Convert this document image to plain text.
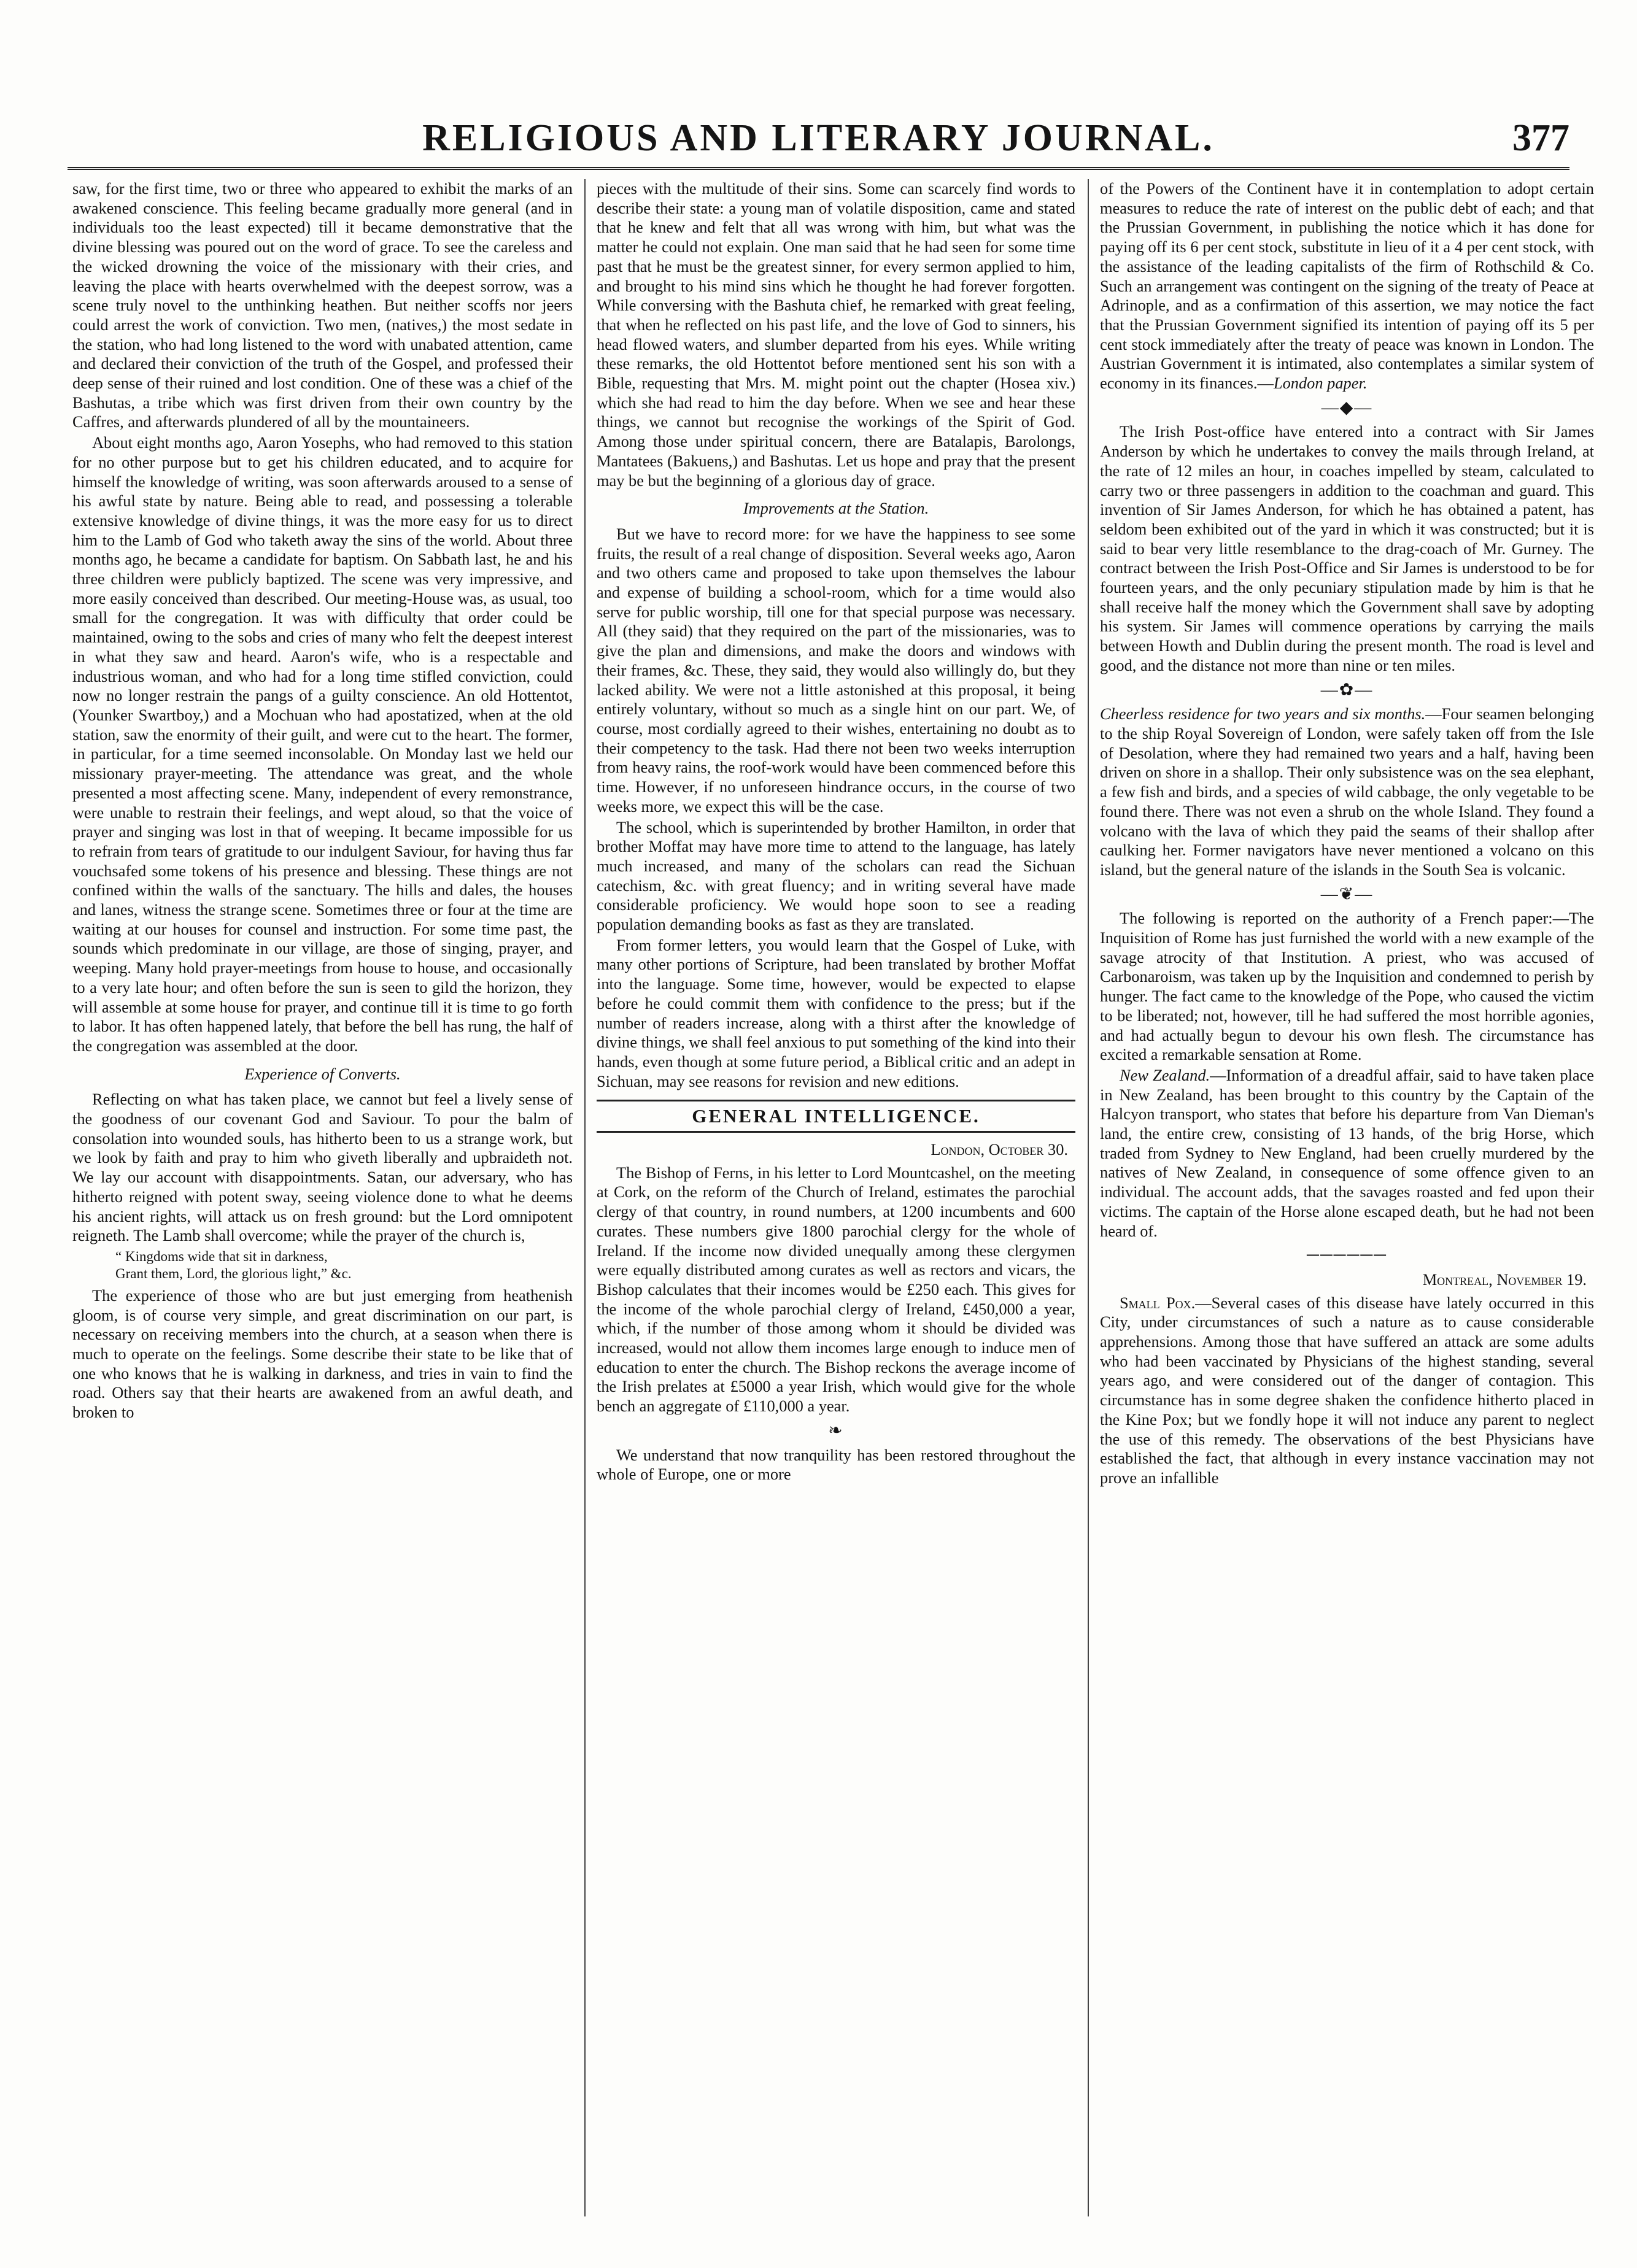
RELIGIOUS AND LITERARY JOURNAL.	377

saw, for the first time, two or three who appeared to exhibit the marks of an awakened conscience. This feeling became gradually more general (and in individuals too the least expected) till it became demonstrative that the divine blessing was poured out on the word of grace. To see the careless and the wicked drowning the voice of the missionary with their cries, and leaving the place with hearts overwhelmed with the deepest sorrow, was a scene truly novel to the unthinking heathen. But neither scoffs nor jeers could arrest the work of conviction. Two men, (natives,) the most sedate in the station, who had long listened to the word with unabated attention, came and declared their conviction of the truth of the Gospel, and professed their deep sense of their ruined and lost condition. One of these was a chief of the Bashutas, a tribe which was first driven from their own country by the Caffres, and afterwards plundered of all by the mountaineers.

About eight months ago, Aaron Yosephs, who had removed to this station for no other purpose but to get his children educated, and to acquire for himself the knowledge of writing, was soon afterwards aroused to a sense of his awful state by nature. Being able to read, and possessing a tolerable extensive knowledge of divine things, it was the more easy for us to direct him to the Lamb of God who taketh away the sins of the world. About three months ago, he became a candidate for baptism. On Sabbath last, he and his three children were publicly baptized. The scene was very impressive, and more easily conceived than described. Our meeting-House was, as usual, too small for the congregation. It was with difficulty that order could be maintained, owing to the sobs and cries of many who felt the deepest interest in what they saw and heard. Aaron's wife, who is a respectable and industrious woman, and who had for a long time stifled conviction, could now no longer restrain the pangs of a guilty conscience. An old Hottentot, (Younker Swartboy,) and a Mochuan who had apostatized, when at the old station, saw the enormity of their guilt, and were cut to the heart. The former, in particular, for a time seemed inconsolable. On Monday last we held our missionary prayer-meeting. The attendance was great, and the whole presented a most affecting scene. Many, independent of every remonstrance, were unable to restrain their feelings, and wept aloud, so that the voice of prayer and singing was lost in that of weeping. It became impossible for us to refrain from tears of gratitude to our indulgent Saviour, for having thus far vouchsafed some tokens of his presence and blessing. These things are not confined within the walls of the sanctuary. The hills and dales, the houses and lanes, witness the strange scene. Sometimes three or four at the time are waiting at our houses for counsel and instruction. For some time past, the sounds which predominate in our village, are those of singing, prayer, and weeping. Many hold prayer-meetings from house to house, and occasionally to a very late hour; and often before the sun is seen to gild the horizon, they will assemble at some house for prayer, and continue till it is time to go forth to labor. It has often happened lately, that before the bell has rung, the half of the congregation was assembled at the door.

Experience of Converts.

Reflecting on what has taken place, we cannot but feel a lively sense of the goodness of our covenant God and Saviour. To pour the balm of consolation into wounded souls, has hitherto been to us a strange work, but we look by faith and pray to him who giveth liberally and upbraideth not. We lay our account with disappointments. Satan, our adversary, who has hitherto reigned with potent sway, seeing violence done to what he deems his ancient rights, will attack us on fresh ground: but the Lord omnipotent reigneth. The Lamb shall overcome; while the prayer of the church is,

“ Kingdoms wide that sit in darkness,
Grant them, Lord, the glorious light,” &c.

The experience of those who are but just emerging from heathenish gloom, is of course very simple, and great discrimination on our part, is necessary on receiving members into the church, at a season when there is much to operate on the feelings. Some describe their state to be like that of one who knows that he is walking in darkness, and tries in vain to find the road. Others say that their hearts are awakened from an awful death, and broken to

pieces with the multitude of their sins. Some can scarcely find words to describe their state: a young man of volatile disposition, came and stated that he knew and felt that all was wrong with him, but what was the matter he could not explain. One man said that he had seen for some time past that he must be the greatest sinner, for every sermon applied to him, and brought to his mind sins which he thought he had forever forgotten. While conversing with the Bashuta chief, he remarked with great feeling, that when he reflected on his past life, and the love of God to sinners, his head flowed waters, and slumber departed from his eyes. While writing these remarks, the old Hottentot before mentioned sent his son with a Bible, requesting that Mrs. M. might point out the chapter (Hosea xiv.) which she had read to him the day before. When we see and hear these things, we cannot but recognise the workings of the Spirit of God. Among those under spiritual concern, there are Batalapis, Barolongs, Mantatees (Bakuens,) and Bashutas. Let us hope and pray that the present may be but the beginning of a glorious day of grace.

Improvements at the Station.

But we have to record more: for we have the happiness to see some fruits, the result of a real change of disposition. Several weeks ago, Aaron and two others came and proposed to take upon themselves the labour and expense of building a school-room, which for a time would also serve for public worship, till one for that special purpose was necessary. All (they said) that they required on the part of the missionaries, was to give the plan and dimensions, and make the doors and windows with their frames, &c. These, they said, they would also willingly do, but they lacked ability. We were not a little astonished at this proposal, it being entirely voluntary, without so much as a single hint on our part. We, of course, most cordially agreed to their wishes, entertaining no doubt as to their competency to the task. Had there not been two weeks interruption from heavy rains, the roof-work would have been commenced before this time. However, if no unforeseen hindrance occurs, in the course of two weeks more, we expect this will be the case.

The school, which is superintended by brother Hamilton, in order that brother Moffat may have more time to attend to the language, has lately much increased, and many of the scholars can read the Sichuan catechism, &c. with great fluency; and in writing several have made considerable proficiency. We would hope soon to see a reading population demanding books as fast as they are translated.

From former letters, you would learn that the Gospel of Luke, with many other portions of Scripture, had been translated by brother Moffat into the language. Some time, however, would be expected to elapse before he could commit them with confidence to the press; but if the number of readers increase, along with a thirst after the knowledge of divine things, we shall feel anxious to put something of the kind into their hands, even though at some future period, a Biblical critic and an adept in Sichuan, may see reasons for revision and new editions.

GENERAL INTELLIGENCE.
London, October 30.

The Bishop of Ferns, in his letter to Lord Mountcashel, on the meeting at Cork, on the reform of the Church of Ireland, estimates the parochial clergy of that country, in round numbers, at 1200 incumbents and 600 curates. These numbers give 1800 parochial clergy for the whole of Ireland. If the income now divided unequally among these clergymen were equally distributed among curates as well as rectors and vicars, the Bishop calculates that their incomes would be £250 each. This gives for the income of the whole parochial clergy of Ireland, £450,000 a year, which, if the number of those among whom it should be divided was increased, would not allow them incomes large enough to induce men of education to enter the church. The Bishop reckons the average income of the Irish prelates at £5000 a year Irish, which would give for the whole bench an aggregate of £110,000 a year.

❧

We understand that now tranquility has been restored throughout the whole of Europe, one or more

of the Powers of the Continent have it in contemplation to adopt certain measures to reduce the rate of interest on the public debt of each; and that the Prussian Government, in publishing the notice which it has done for paying off its 6 per cent stock, substitute in lieu of it a 4 per cent stock, with the assistance of the leading capitalists of the firm of Rothschild & Co. Such an arrangement was contingent on the signing of the treaty of Peace at Adrinople, and as a confirmation of this assertion, we may notice the fact that the Prussian Government signified its intention of paying off its 5 per cent stock immediately after the treaty of peace was known in London. The Austrian Government it is intimated, also contemplates a similar system of economy in its finances.—London paper.

—◆—

The Irish Post-office have entered into a contract with Sir James Anderson by which he undertakes to convey the mails through Ireland, at the rate of 12 miles an hour, in coaches impelled by steam, calculated to carry two or three passengers in addition to the coachman and guard. This invention of Sir James Anderson, for which he has obtained a patent, has seldom been exhibited out of the yard in which it was constructed; but it is said to bear very little resemblance to the drag-coach of Mr. Gurney. The contract between the Irish Post-Office and Sir James is understood to be for fourteen years, and the only pecuniary stipulation made by him is that he shall receive half the money which the Government shall save by adopting his system. Sir James will commence operations by carrying the mails between Howth and Dublin during the present month. The road is level and good, and the distance not more than nine or ten miles.

—✿—

Cheerless residence for two years and six months.—Four seamen belonging to the ship Royal Sovereign of London, were safely taken off from the Isle of Desolation, where they had remained two years and a half, having been driven on shore in a shallop. Their only subsistence was on the sea elephant, a few fish and birds, and a species of wild cabbage, the only vegetable to be found there. There was not even a shrub on the whole Island. They found a volcano with the lava of which they paid the seams of their shallop after caulking her. Former navigators have never mentioned a volcano on this island, but the general nature of the islands in the South Sea is volcanic.

—❦—

The following is reported on the authority of a French paper:—The Inquisition of Rome has just furnished the world with a new example of the savage atrocity of that Institution. A priest, who was accused of Carbonaroism, was taken up by the Inquisition and condemned to perish by hunger. The fact came to the knowledge of the Pope, who caused the victim to be liberated; not, however, till he had suffered the most horrible agonies, and had actually begun to devour his own flesh. The circumstance has excited a remarkable sensation at Rome.

New Zealand.—Information of a dreadful affair, said to have taken place in New Zealand, has been brought to this country by the Captain of the Halcyon transport, who states that before his departure from Van Dieman's land, the entire crew, consisting of 13 hands, of the brig Horse, which traded from Sydney to New England, had been cruelly murdered by the natives of New Zealand, in consequence of some offence given to an individual. The account adds, that the savages roasted and fed upon their victims. The captain of the Horse alone escaped death, but he had not been heard of.

──────
Montreal, November 19.

Small Pox.—Several cases of this disease have lately occurred in this City, under circumstances of such a nature as to cause considerable apprehensions. Among those that have suffered an attack are some adults who had been vaccinated by Physicians of the highest standing, several years ago, and were considered out of the danger of contagion. This circumstance has in some degree shaken the confidence hitherto placed in the Kine Pox; but we fondly hope it will not induce any parent to neglect the use of this remedy. The observations of the best Physicians have established the fact, that although in every instance vaccination may not prove an infallible
